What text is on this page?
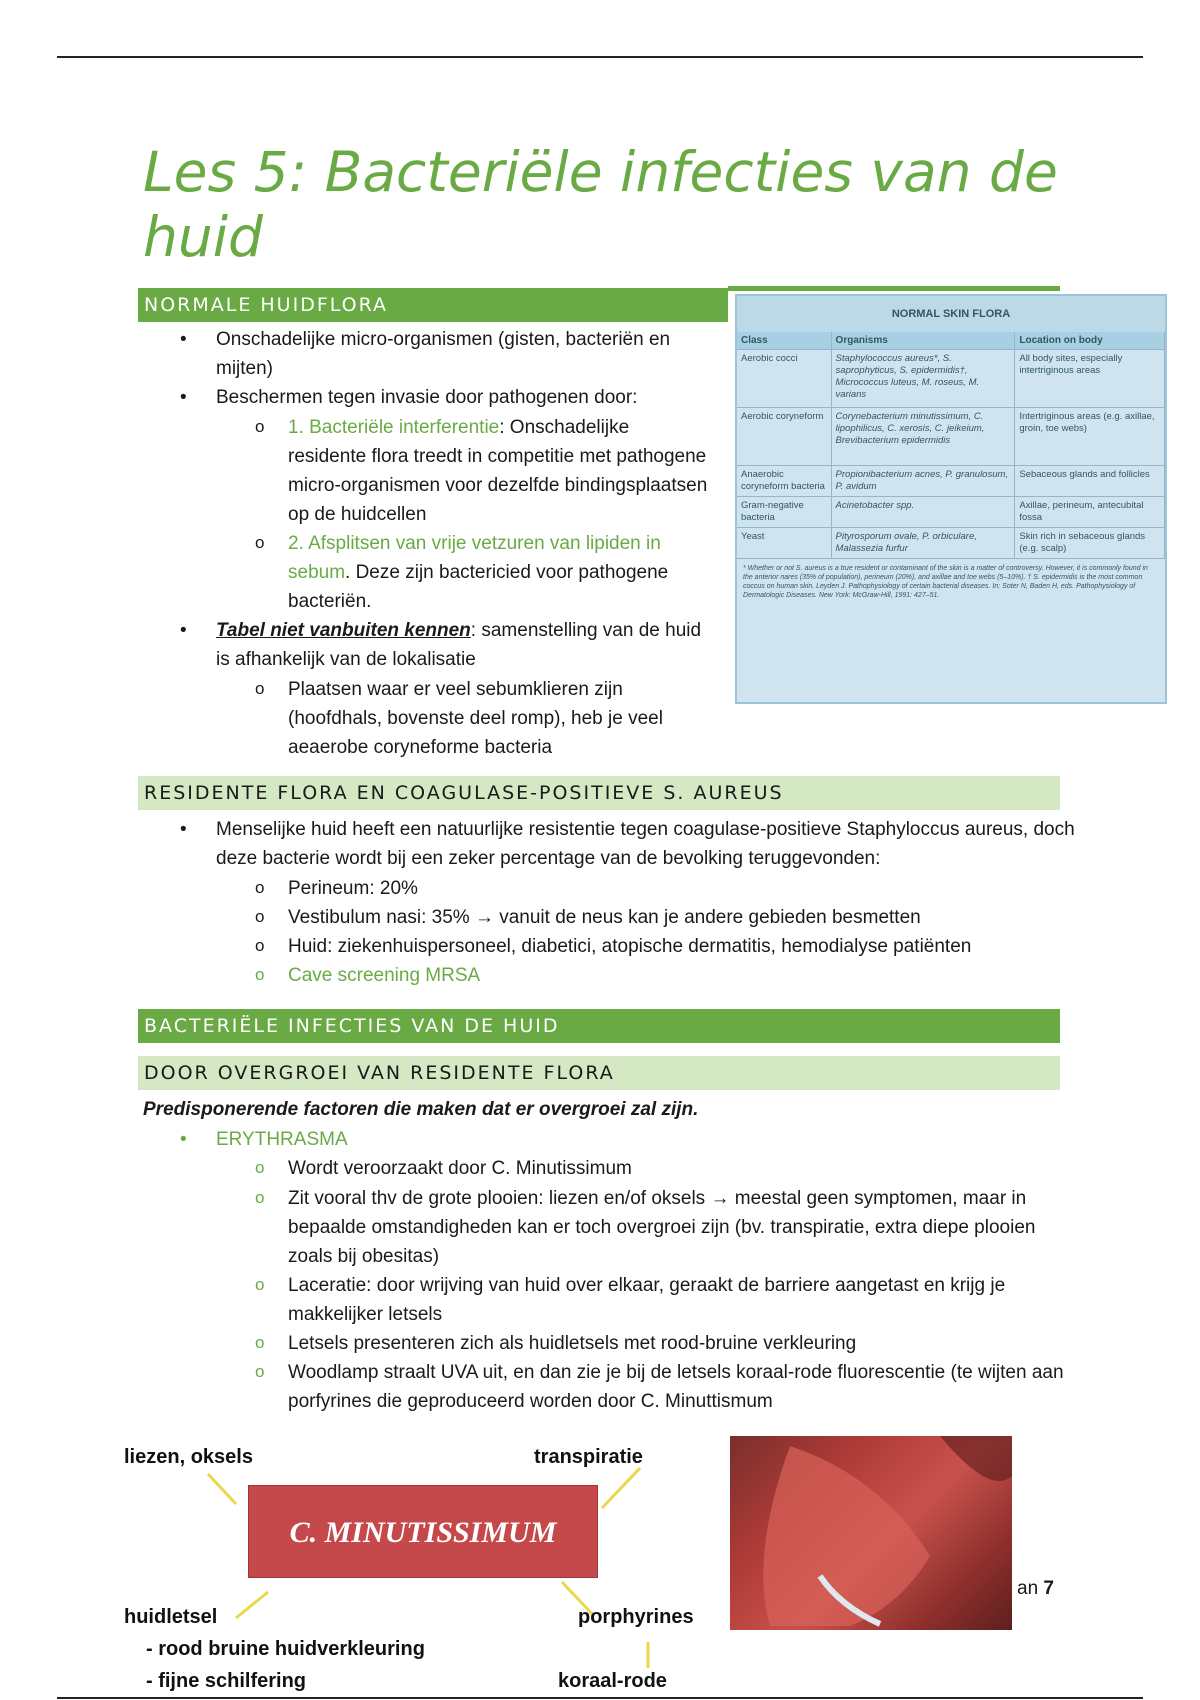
Les 5: Bacteriële infecties van de huid
NORMALE HUIDFLORA
• Onschadelijke micro-organismen (gisten, bacteriën en mijten)
• Beschermen tegen invasie door pathogenen door:
o 1. Bacteriële interferentie: Onschadelijke residente flora treedt in competitie met pathogene micro-organismen voor dezelfde bindingsplaatsen op de huidcellen
o 2. Afsplitsen van vrije vetzuren van lipiden in sebum. Deze zijn bactericied voor pathogene bacteriën.
• Tabel niet vanbuiten kennen: samenstelling van de huid is afhankelijk van de lokalisatie
o Plaatsen waar er veel sebumklieren zijn (hoofdhals, bovenste deel romp), heb je veel aeaerobe coryneforme bacteria
NORMAL SKIN FLORA
Class	Organisms	Location on body
Aerobic cocci	Staphylococcus aureus*, S. saprophyticus, S. epidermidis†, Micrococcus luteus, M. roseus, M. varians	All body sites, especially intertriginous areas
Aerobic coryneform	Corynebacterium minutissimum, C. lipophilicus, C. xerosis, C. jeikeium, Brevibacterium epidermidis	Intertriginous areas (e.g. axillae, groin, toe webs)
Anaerobic coryneform bacteria	Propionibacterium acnes, P. granulosum, P. avidum	Sebaceous glands and follicles
Gram-negative bacteria	Acinetobacter spp.	Axillae, perineum, antecubital fossa
Yeast	Pityrosporum ovale, P. orbiculare, Malassezia furfur	Skin rich in sebaceous glands (e.g. scalp)
* Whether or not S. aureus is a true resident or contaminant of the skin is a matter of controversy. However, it is commonly found in the anterior nares (35% of population), perineum (20%), and axillae and toe webs (5–10%). † S. epidermidis is the most common coccus on human skin. Leyden J. Pathophysiology of certain bacterial diseases. In: Soter N, Baden H, eds. Pathophysiology of Dermatologic Diseases. New York: McGraw-Hill, 1991: 427–51.
RESIDENTE FLORA EN COAGULASE-POSITIEVE S. AUREUS
• Menselijke huid heeft een natuurlijke resistentie tegen coagulase-positieve Staphyloccus aureus, doch deze bacterie wordt bij een zeker percentage van de bevolking teruggevonden:
o Perineum: 20%
o Vestibulum nasi: 35% → vanuit de neus kan je andere gebieden besmetten
o Huid: ziekenhuispersoneel, diabetici, atopische dermatitis, hemodialyse patiënten
o Cave screening MRSA
BACTERIËLE INFECTIES VAN DE HUID
DOOR OVERGROEI VAN RESIDENTE FLORA
Predisponerende factoren die maken dat er overgroei zal zijn.
• ERYTHRASMA
o Wordt veroorzaakt door C. Minutissimum
o Zit vooral thv de grote plooien: liezen en/of oksels → meestal geen symptomen, maar in bepaalde omstandigheden kan er toch overgroei zijn (bv. transpiratie, extra diepe plooien zoals bij obesitas)
o Laceratie: door wrijving van huid over elkaar, geraakt de barriere aangetast en krijg je makkelijker letsels
o Letsels presenteren zich als huidletsels met rood-bruine verkleuring
o Woodlamp straalt UVA uit, en dan zie je bij de letsels koraal-rode fluorescentie (te wijten aan porfyrines die geproduceerd worden door C. Minuttismum
liezen, oksels	transpiratie
C. MINUTISSIMUM
huidletsel
- rood bruine huidverkleuring
- fijne schilfering
porphyrines
koraal-rode
an 7
